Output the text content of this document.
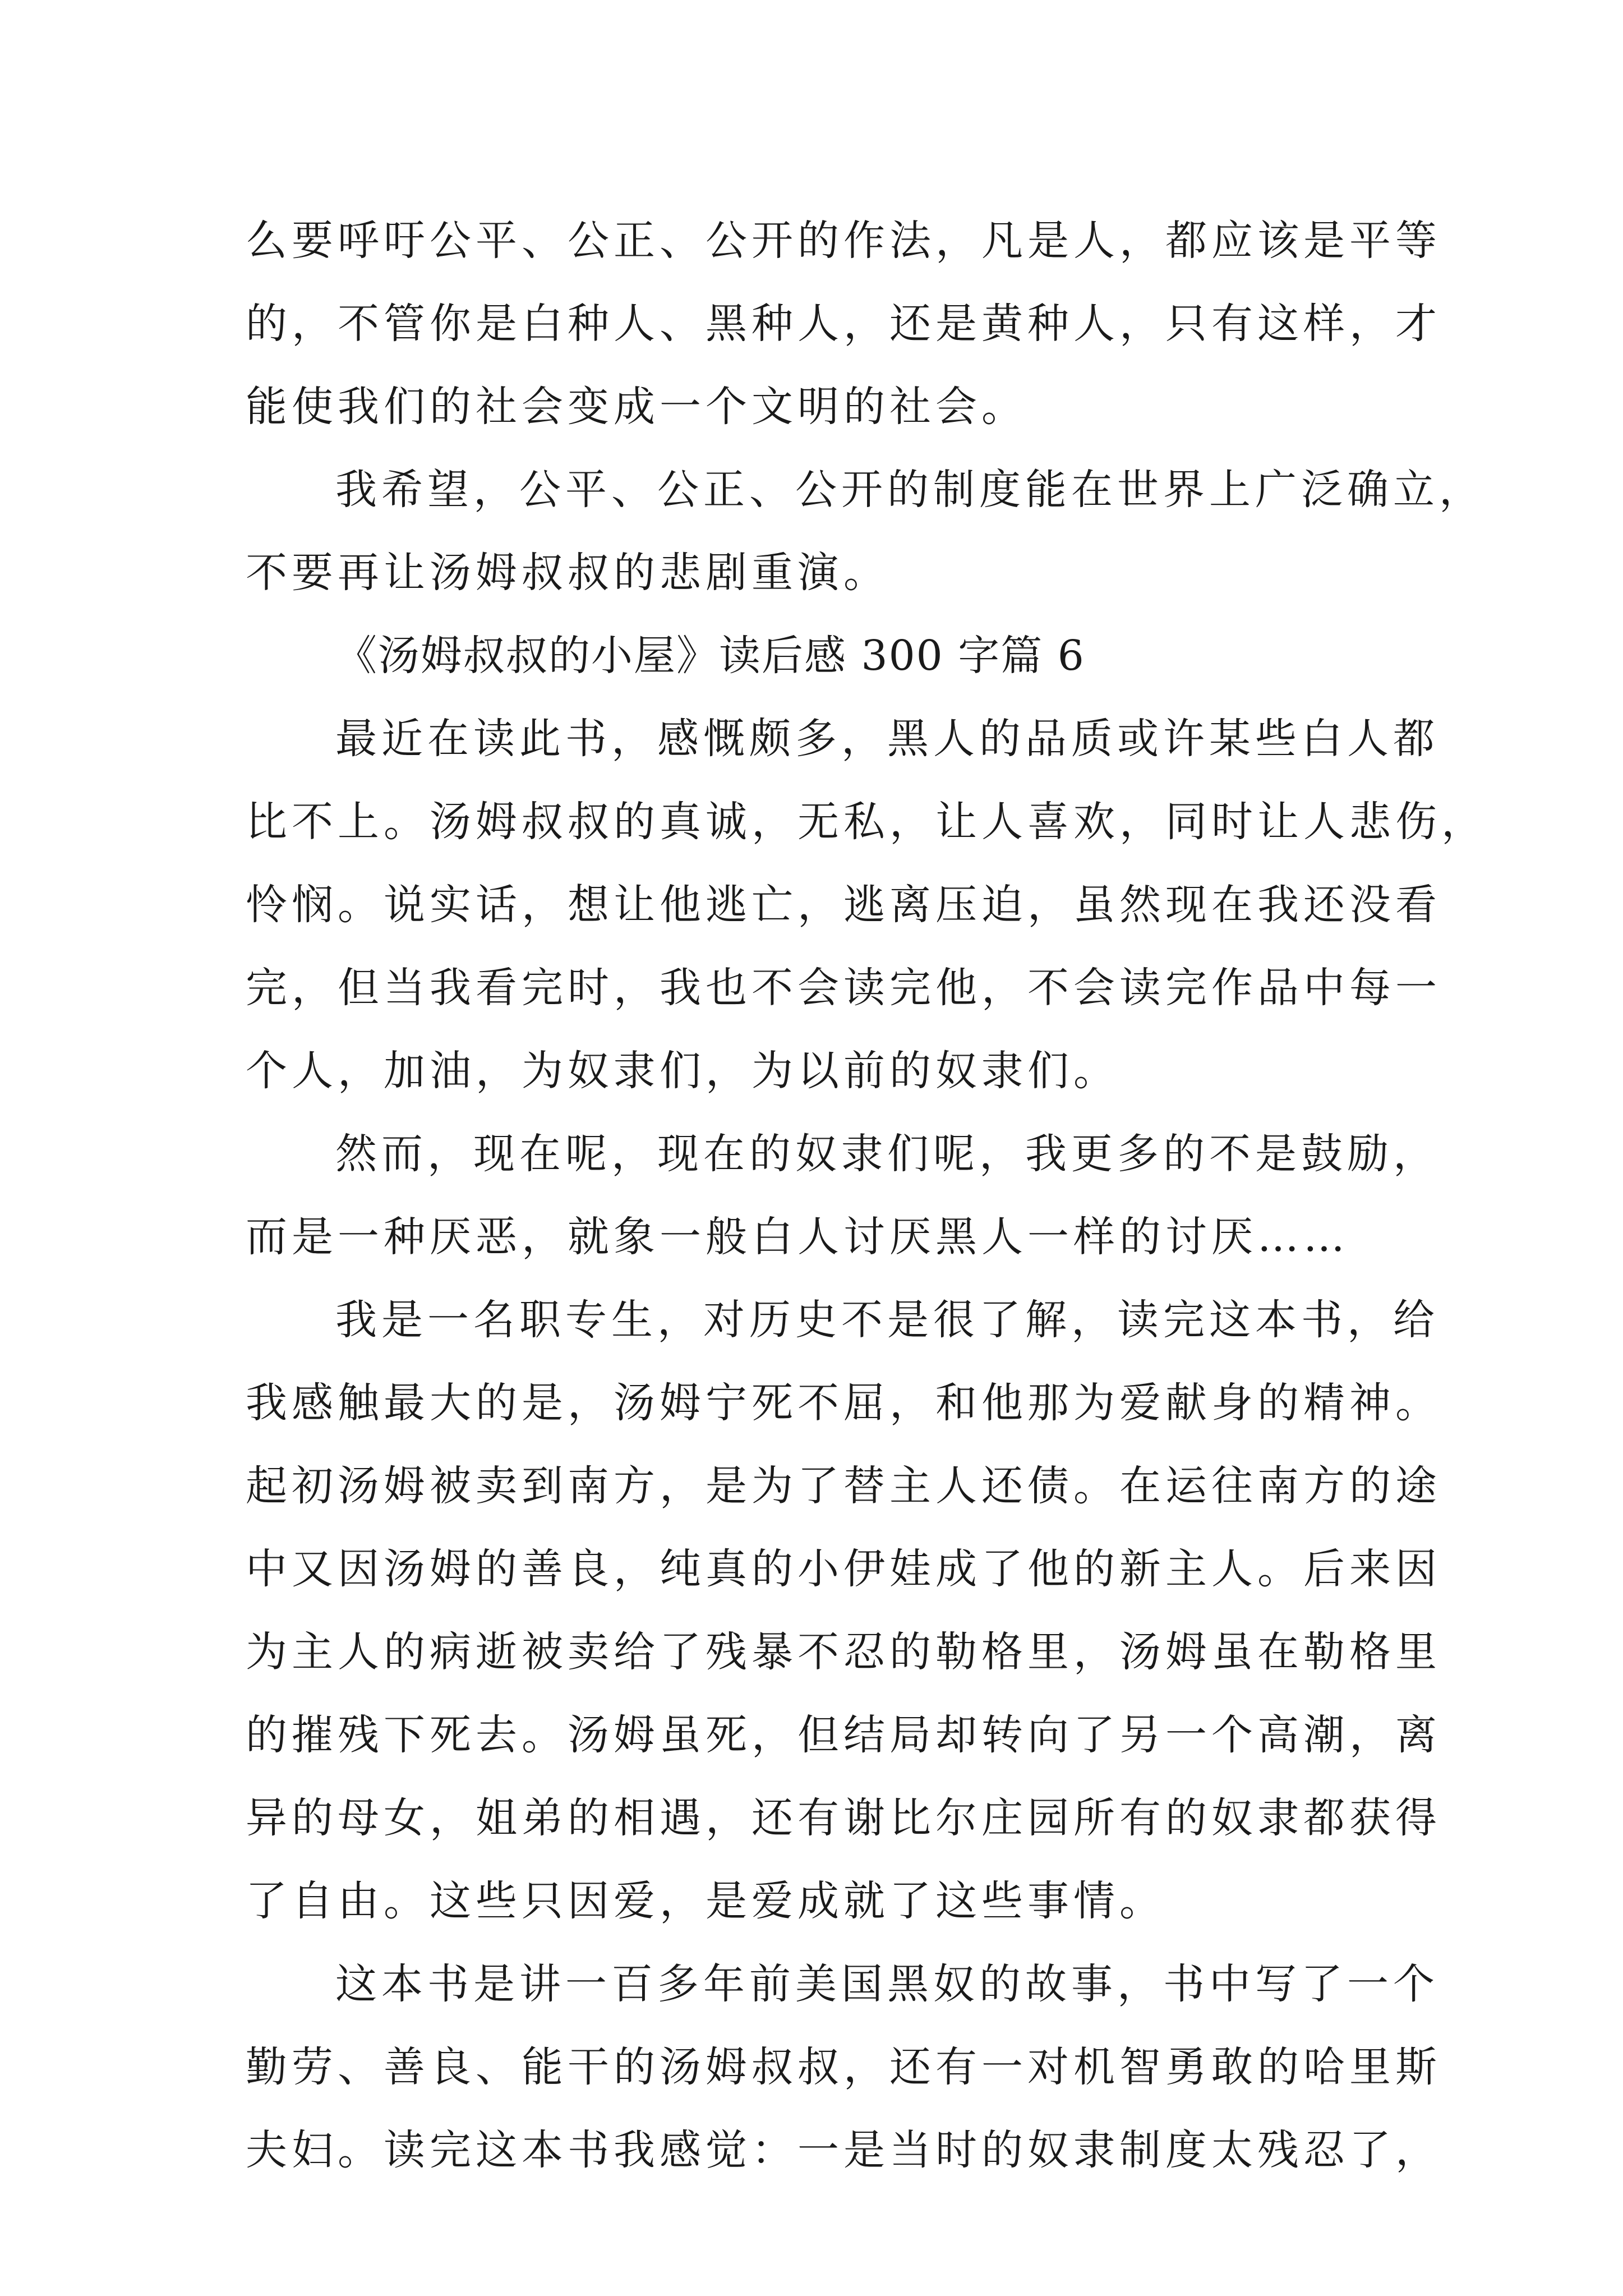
么要呼吁公平、公正、公开的作法，凡是人，都应该是平等
的，不管你是白种人、黑种人，还是黄种人，只有这样，才
能使我们的社会变成一个文明的社会。
我希望，公平、公正、公开的制度能在世界上广泛确立，
不要再让汤姆叔叔的悲剧重演。
《汤姆叔叔的小屋》读后感 300 字篇 6
最近在读此书，感慨颇多，黑人的品质或许某些白人都
比不上。汤姆叔叔的真诚，无私，让人喜欢，同时让人悲伤，
怜悯。说实话，想让他逃亡，逃离压迫，虽然现在我还没看
完，但当我看完时，我也不会读完他，不会读完作品中每一
个人，加油，为奴隶们，为以前的奴隶们。
然而，现在呢，现在的奴隶们呢，我更多的不是鼓励，
而是一种厌恶，就象一般白人讨厌黑人一样的讨厌……
我是一名职专生，对历史不是很了解，读完这本书，给
我感触最大的是，汤姆宁死不屈，和他那为爱献身的精神。
起初汤姆被卖到南方，是为了替主人还债。在运往南方的途
中又因汤姆的善良，纯真的小伊娃成了他的新主人。后来因
为主人的病逝被卖给了残暴不忍的勒格里，汤姆虽在勒格里
的摧残下死去。汤姆虽死，但结局却转向了另一个高潮，离
异的母女，姐弟的相遇，还有谢比尔庄园所有的奴隶都获得
了自由。这些只因爱，是爱成就了这些事情。
这本书是讲一百多年前美国黑奴的故事，书中写了一个
勤劳、善良、能干的汤姆叔叔，还有一对机智勇敢的哈里斯
夫妇。读完这本书我感觉：一是当时的奴隶制度太残忍了，
